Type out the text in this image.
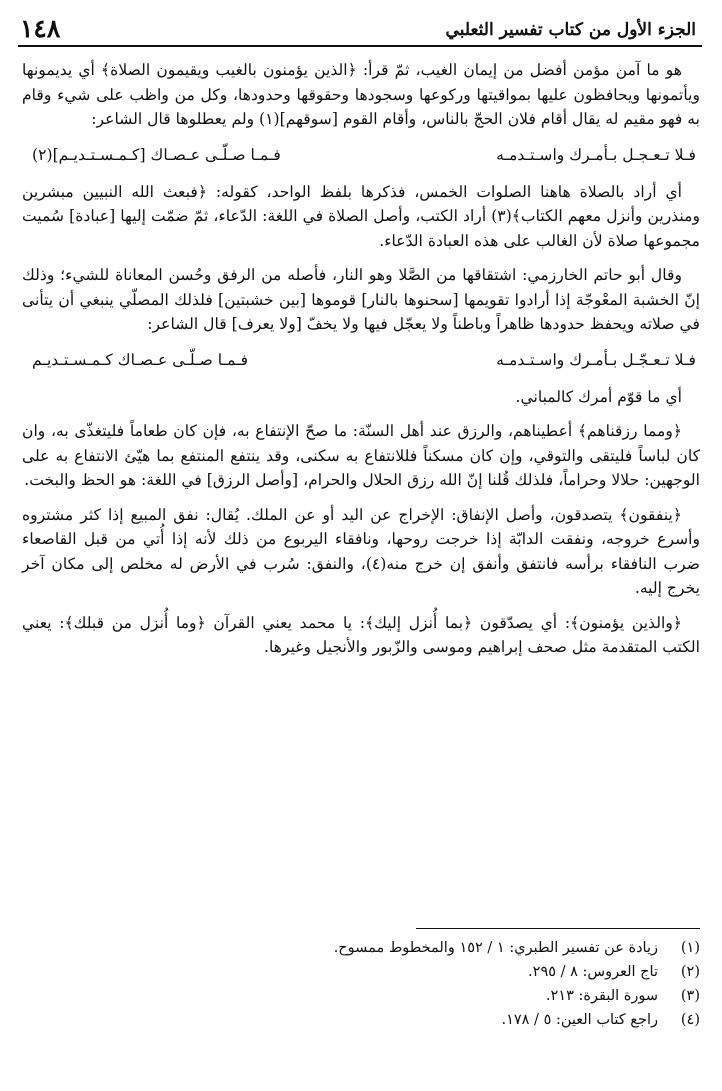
الجزء الأول من كتاب تفسير الثعلبي
١٤٨

هو ما آمن مؤمن أفضل من إيمان الغيب، ثمّ قرأ: ﴿الذين يؤمنون بالغيب ويقيمون الصلاة﴾ أي يديمونها ويأتمونها ويحافظون عليها بمواقيتها وركوعها وسجودها وحقوقها وحدودها، وكل من واظب على شيء وقام به فهو مقيم له يقال أقام فلان الحجّ بالناس، وأقام القوم [سوقهم](١) ولم يعطلوها قال الشاعر:

فـلا تـعـجـل بـأمـرك واسـتـدمـه
فـمـا صـلّـى عـصـاك [كـمـسـتـديـم](٢)

أي أراد بالصلاة هاهنا الصلوات الخمس، فذكرها بلفظ الواحد، كقوله: ﴿فبعث الله النبيين مبشرين ومنذرين وأنزل معهم الكتاب﴾(٣) أراد الكتب، وأصل الصلاة في اللغة: الدّعاء، ثمّ ضمّت إليها [عبادة] سُميت مجموعها صلاة لأن الغالب على هذه العبادة الدّعاء.

وقال أبو حاتم الخارزمي: اشتقاقها من الصَّلا وهو النار، فأصله من الرفق وحُسن المعاناة للشيء؛ وذلك إنّ الخشبة المعْوجّة إذا أرادوا تقويمها [سحنوها بالنار] قوموها [بين خشبتين] فلذلك المصلّي ينبغي أن يتأنى في صلاته ويحفظ حدودها ظاهراً وباطناً ولا يعجّل فيها ولا يخفّ [ولا يعرف] قال الشاعر:

فـلا تـعـجّـل بـأمـرك واسـتـدمـه
فـمـا صـلّـى عـصـاك كـمـسـتـديـم

أي ما قوّم أمرك كالمباني.

﴿ومما رزقناهم﴾ أعطيناهم، والرزق عند أهل السنّة: ما صحّ الإنتفاع به، فإن كان طعاماً فليتغذّى به، وان كان لباساً فليتقى والتوقي، وإن كان مسكناً فللانتفاع به سكنى، وقد ينتفع المنتفع بما هيّئ الانتفاع به على الوجهين: حلالا وحراماً، فلذلك قُلنا إنّ الله رزق الحلال والحرام، [وأصل الرزق] في اللغة: هو الحظ والبخت.

﴿ينفقون﴾ يتصدقون، وأصل الإنفاق: الإخراج عن اليد أو عن الملك. يُقال: نفق المبيع إذا كثر مشتروه وأسرع خروجه، ونفقت الدابّة إذا خرجت روحها، ونافقاء اليربوع من ذلك لأنه إذا أُتي من قبل القاصعاء ضرب النافقاء برأسه فانتفق وأنفق إن خرج منه(٤)، والنفق: سُرب في الأرض له مخلص إلى مكان آخر يخرج إليه.

﴿والذين يؤمنون﴾: أي يصدّقون ﴿بما أُنزل إليك﴾: يا محمد يعني القرآن ﴿وما أُنزل من قبلك﴾: يعني الكتب المتقدمة مثل صحف إبراهيم وموسى والزّبور والأنجيل وغيرها.

(١)
زيادة عن تفسير الطبري: ١ / ١٥٢ والمخطوط ممسوح.
(٢)
تاج العروس: ٨ / ٢٩٥.
(٣)
سورة البقرة: ٢١٣.
(٤)
راجع كتاب العين: ٥ / ١٧٨.
